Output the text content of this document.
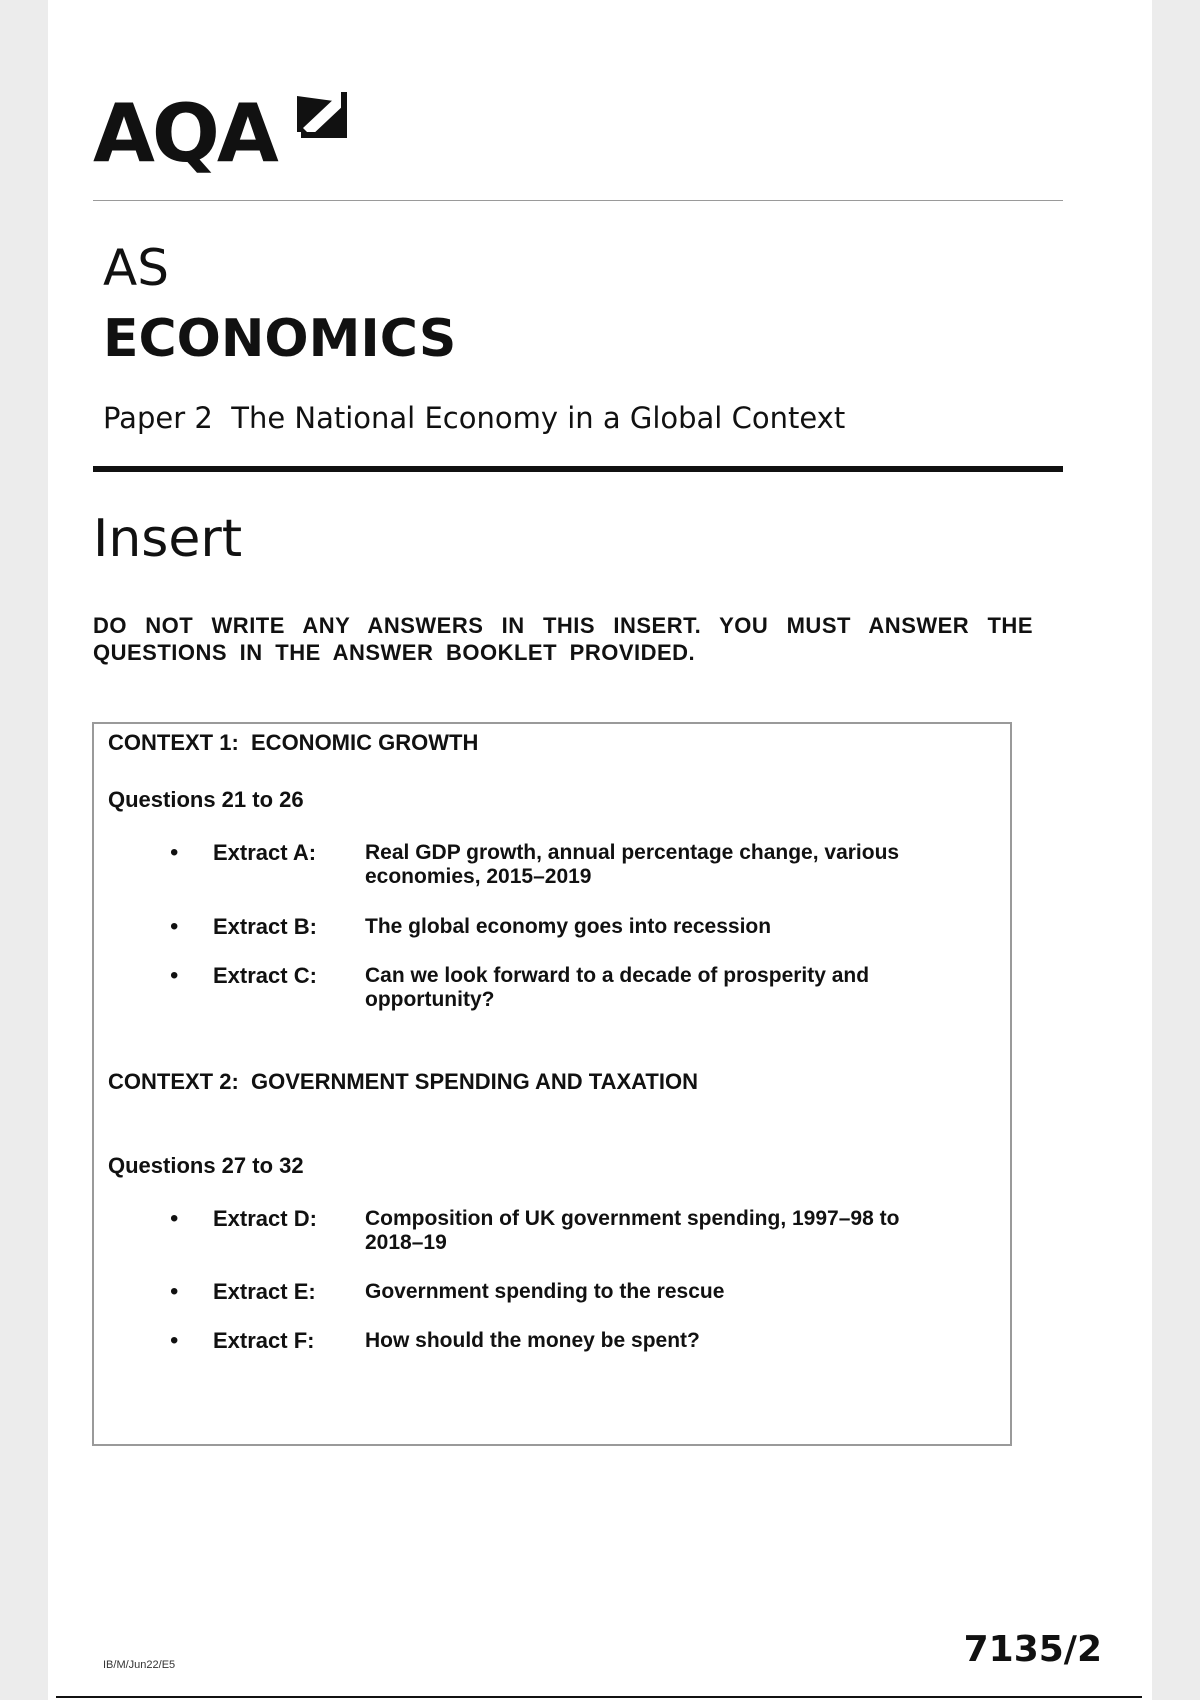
AQA
AS
ECONOMICS
Paper 2  The National Economy in a Global Context
Insert
DO NOT WRITE ANY ANSWERS IN THIS INSERT. YOU MUST ANSWER THE QUESTIONS IN THE ANSWER BOOKLET PROVIDED.
CONTEXT 1:  ECONOMIC GROWTH
Questions 21 to 26
• Extract A: Real GDP growth, annual percentage change, various economies, 2015–2019
• Extract B: The global economy goes into recession
• Extract C: Can we look forward to a decade of prosperity and opportunity?
CONTEXT 2:  GOVERNMENT SPENDING AND TAXATION
Questions 27 to 32
• Extract D: Composition of UK government spending, 1997–98 to 2018–19
• Extract E: Government spending to the rescue
• Extract F: How should the money be spent?
IB/M/Jun22/E5	7135/2
